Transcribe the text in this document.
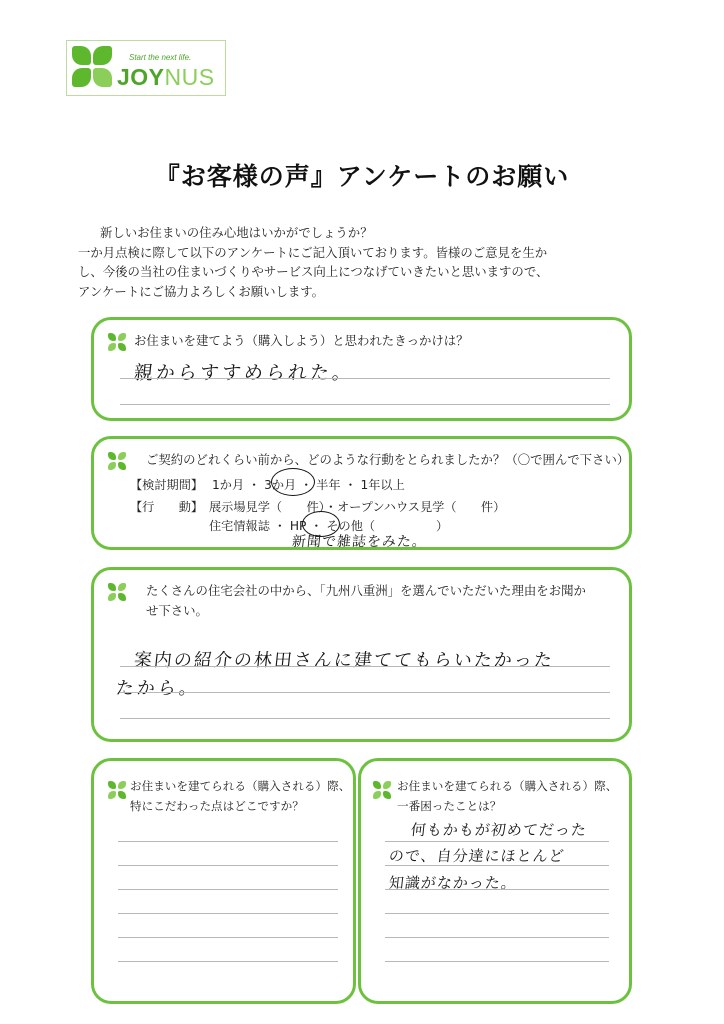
Start the next life.
JOYNUS
『お客様の声』アンケートのお願い

新しいお住まいの住み心地はいかがでしょうか？

一か月点検に際して以下のアンケートにご記入頂いております。皆様のご意見を生か

し、今後の当社の住まいづくりやサービス向上につなげていきたいと思いますので、

アンケートにご協力よろしくお願いします。

お住まいを建てよう（購入しよう）と思われたきっかけは？
親からすすめられた。
ご契約のどれくらい前から、どのような行動をとられましたか？（〇で囲んで下さい）
【検討期間】 1か月 ・ 3か月 ・ 半年 ・ 1年以上
【行　　動】 展示場見学（　　件）・オープンハウス見学（　　件）
住宅情報誌 ・ HP ・ その他（　　　　　）
新聞で雑誌をみた。
たくさんの住宅会社の中から、「九州八重洲」を選んでいただいた理由をお聞か
せ下さい。
案内の紹介の林田さんに建ててもらいたかった
たから。
お住まいを建てられる（購入される）際、
特にこだわった点はどこですか？
お住まいを建てられる（購入される）際、
一番困ったことは？
何もかもが初めてだった
ので、自分達にほとんど
知識がなかった。
